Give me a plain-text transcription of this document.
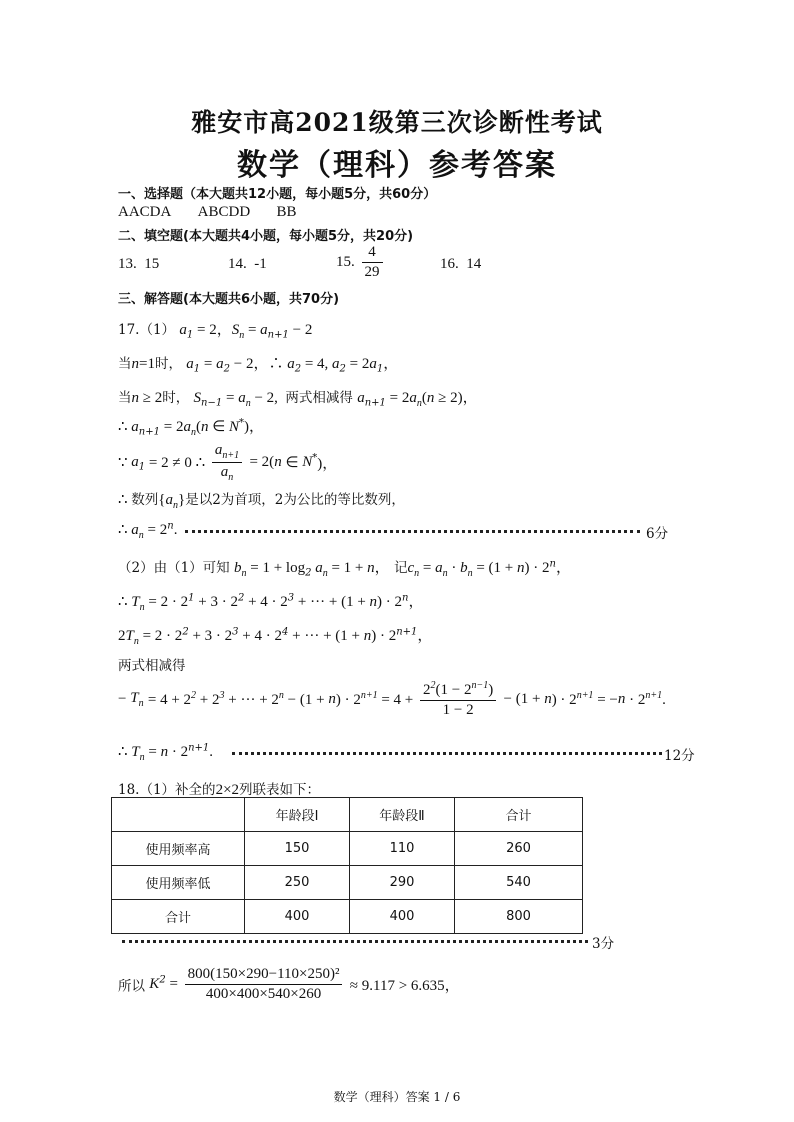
雅安市高2021级第三次诊断性考试
数学（理科）参考答案
一、选择题（本大题共12小题，每小题5分，共60分）
AACDA ABCDD BB
二、填空题(本大题共4小题，每小题5分，共20分)
13. 15	14. -1	15. $\frac{4}{29}$	16. 14
三、解答题(本大题共6小题，共70分)
17.（1） $a_1 = 2$，$S_n = a_{n+1} - 2$
当n=1时， $a_1 = a_2 - 2$，∴ $a_2 = 4$, $a_2 = 2a_1$，
当n ≥ 2时， $S_{n-1} = a_n - 2$,  两式相减得 $a_{n+1} = 2a_n(n \ge 2)$，
∴ $a_{n+1} = 2a_n(n$ ∈ N*)，
∵ $a_1 = 2 \ne 0$ ∴ $\frac{a_{n+1}}{a_n} = 2(n$ ∈ N*)，
∴ 数列$\{a_n\}$是以2为首项，2为公比的等比数列，
∴ $a_n = 2^n$.	6分
（2）由（1）可知 $b_n = 1 + \log_2 a_n = 1 + n$， 记$c_n = a_n \cdot b_n = (1 + n) \cdot 2^n$，
∴ $T_n = 2 \cdot 2^1 + 3 \cdot 2^2 + 4 \cdot 2^3$ + ··· + $(1 + n) \cdot 2^n$，
$2T_n = 2 \cdot 2^2 + 3 \cdot 2^3 + 4 \cdot 2^4$ + ··· + $(1 + n) \cdot 2^{n+1}$，
两式相减得
− $T_n = 4 + 2^2 + 2^3$ + ··· + $2^n - (1 + n) \cdot 2^{n+1} = 4 + \frac{2^2(1 - 2^{n-1})}{1 - 2} - (1 + n) \cdot 2^{n+1} = -n \cdot 2^{n+1}$.
∴ $T_n = n \cdot 2^{n+1}$.	12分
18.（1）补全的2×2列联表如下：
	年龄段Ⅰ	年龄段Ⅱ	合计
使用频率高	150	110	260
使用频率低	250	290	540
合计	400	400	800
3分
所以 $K^2 = \frac{\text{800(150×290−110×250)²}}{400\times 400\times 540\times 260} \approx 9.117 > 6.635$，
数学（理科）答案 1 / 6
